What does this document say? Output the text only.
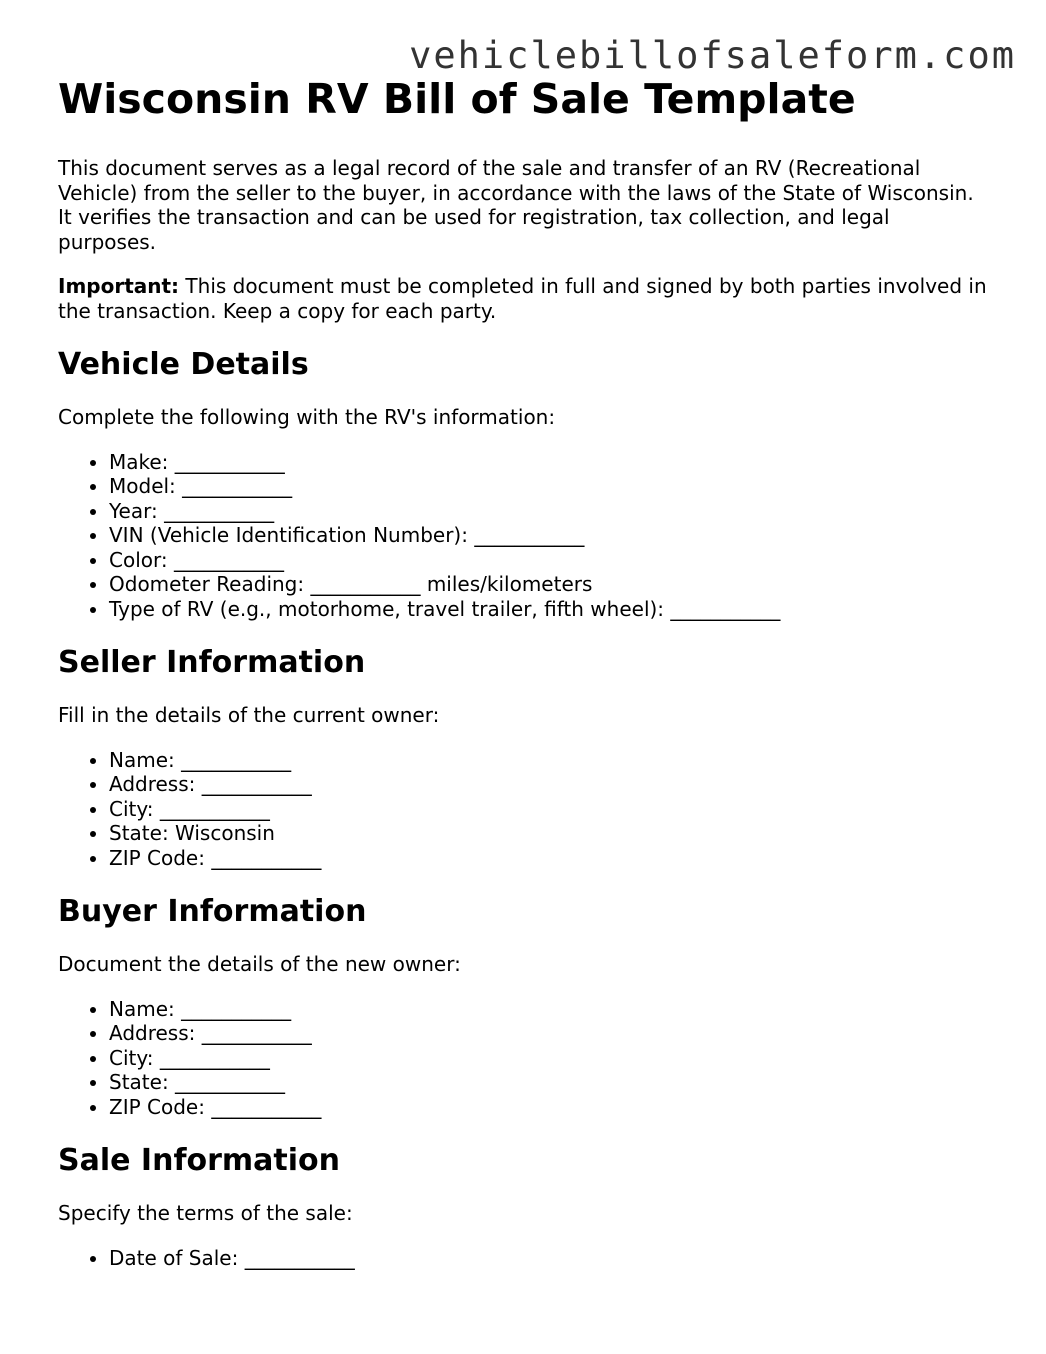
vehiclebillofsaleform.com
Wisconsin RV Bill of Sale Template

This document serves as a legal record of the sale and transfer of an RV (Recreational Vehicle) from the seller to the buyer, in accordance with the laws of the State of Wisconsin. It verifies the transaction and can be used for registration, tax collection, and legal purposes.

Important: This document must be completed in full and signed by both parties involved in the transaction. Keep a copy for each party.

Vehicle Details

Complete the following with the RV's information:

• Make: ___________
• Model: ___________
• Year: ___________
• VIN (Vehicle Identification Number): ___________
• Color: ___________
• Odometer Reading: ___________ miles/kilometers
• Type of RV (e.g., motorhome, travel trailer, fifth wheel): ___________
Seller Information

Fill in the details of the current owner:

• Name: ___________
• Address: ___________
• City: ___________
• State: Wisconsin
• ZIP Code: ___________
Buyer Information

Document the details of the new owner:

• Name: ___________
• Address: ___________
• City: ___________
• State: ___________
• ZIP Code: ___________
Sale Information

Specify the terms of the sale:

• Date of Sale: ___________
